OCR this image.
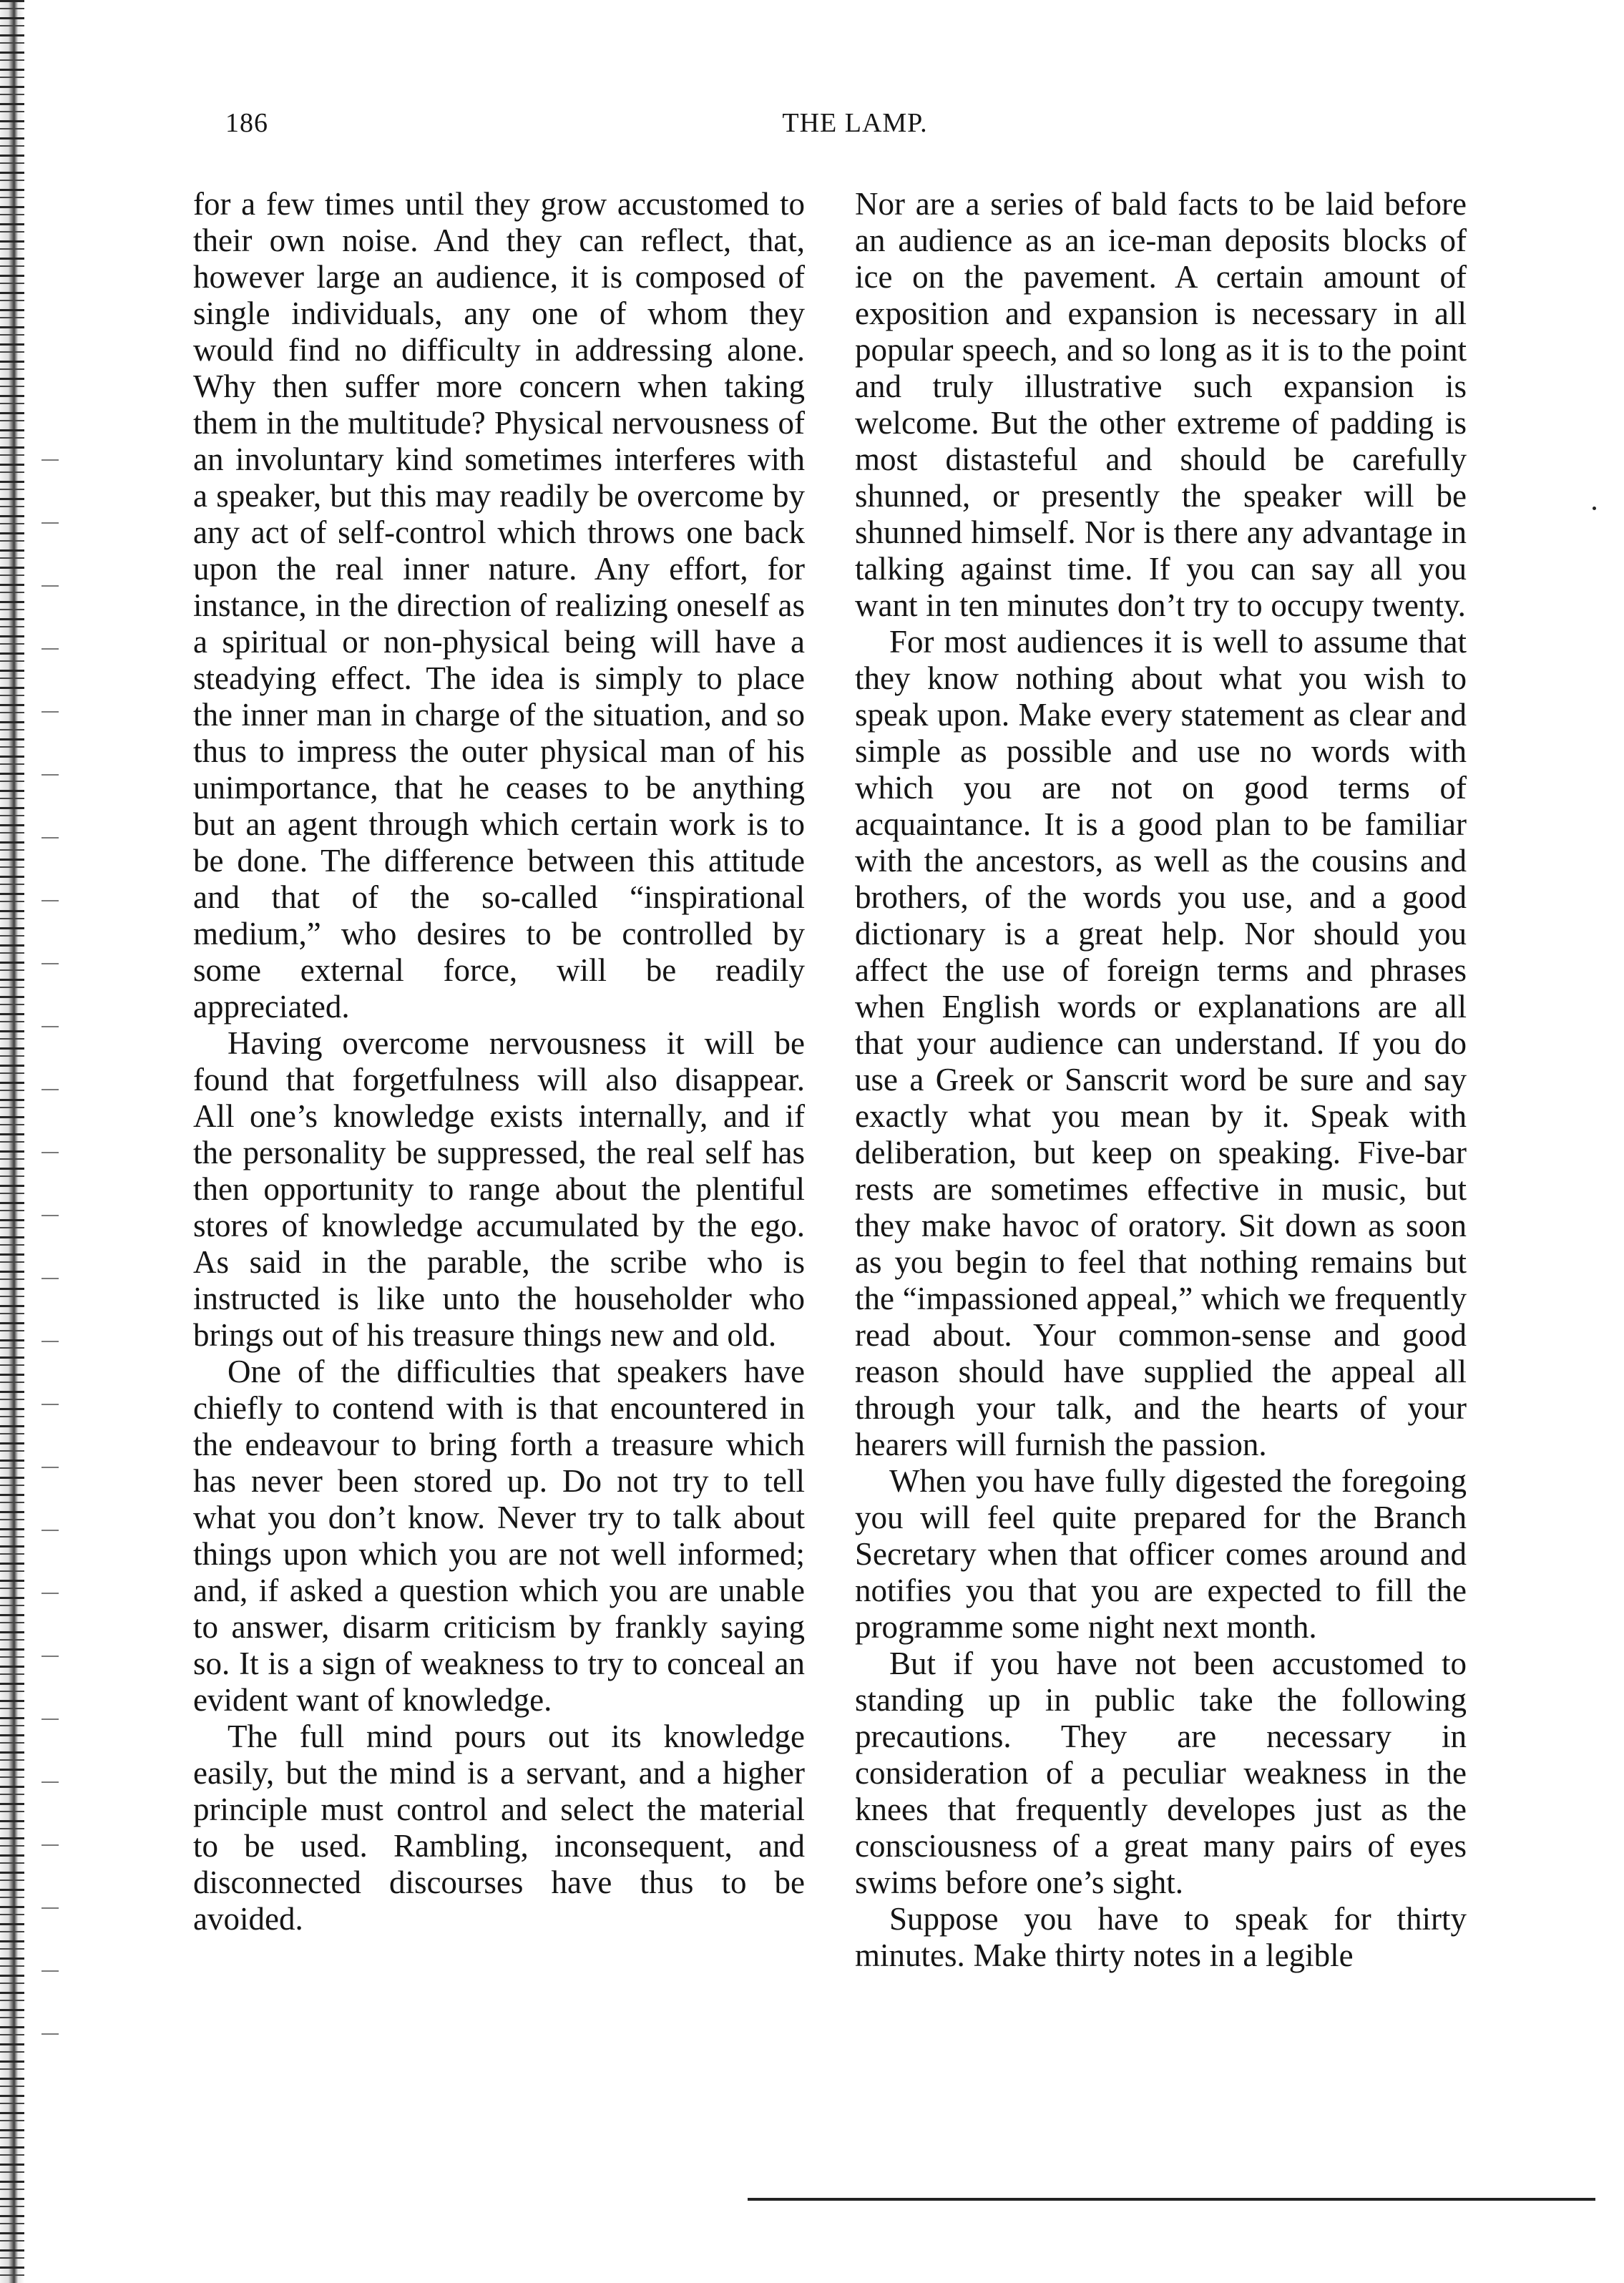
186	THE LAMP.

for a few times until they grow accustomed to their own noise. And they can reflect, that, however large an audience, it is composed of single individuals, any one of whom they would find no difficulty in addressing alone. Why then suffer more concern when taking them in the multitude? Physical nervousness of an involuntary kind sometimes interferes with a speaker, but this may readily be overcome by any act of self-control which throws one back upon the real inner nature. Any effort, for instance, in the direction of realizing oneself as a spiritual or non-physical being will have a steadying effect. The idea is simply to place the inner man in charge of the situation, and so thus to impress the outer physical man of his unimportance, that he ceases to be anything but an agent through which certain work is to be done. The difference between this attitude and that of the so-called “inspirational medium,” who desires to be controlled by some external force, will be readily appreciated.

Having overcome nervousness it will be found that forgetfulness will also disappear. All one’s knowledge exists internally, and if the personality be suppressed, the real self has then opportunity to range about the plentiful stores of knowledge accumulated by the ego. As said in the parable, the scribe who is instructed is like unto the householder who brings out of his treasure things new and old.

One of the difficulties that speakers have chiefly to contend with is that encountered in the endeavour to bring forth a treasure which has never been stored up. Do not try to tell what you don’t know. Never try to talk about things upon which you are not well informed; and, if asked a question which you are unable to answer, disarm criticism by frankly saying so. It is a sign of weakness to try to conceal an evident want of knowledge.

The full mind pours out its knowledge easily, but the mind is a servant, and a higher principle must control and select the material to be used. Rambling, inconsequent, and disconnected discourses have thus to be avoided.

Nor are a series of bald facts to be laid before an audience as an ice-man deposits blocks of ice on the pavement. A certain amount of exposition and expansion is necessary in all popular speech, and so long as it is to the point and truly illustrative such expansion is welcome. But the other extreme of padding is most distasteful and should be carefully shunned, or presently the speaker will be shunned himself. Nor is there any advantage in talking against time. If you can say all you want in ten minutes don’t try to occupy twenty.

For most audiences it is well to assume that they know nothing about what you wish to speak upon. Make every statement as clear and simple as possible and use no words with which you are not on good terms of acquaintance. It is a good plan to be familiar with the ancestors, as well as the cousins and brothers, of the words you use, and a good dictionary is a great help. Nor should you affect the use of foreign terms and phrases when English words or explanations are all that your audience can understand. If you do use a Greek or Sanscrit word be sure and say exactly what you mean by it. Speak with deliberation, but keep on speaking. Five-bar rests are sometimes effective in music, but they make havoc of oratory. Sit down as soon as you begin to feel that nothing remains but the “impassioned appeal,” which we frequently read about. Your common-sense and good reason should have supplied the appeal all through your talk, and the hearts of your hearers will furnish the passion.

When you have fully digested the foregoing you will feel quite prepared for the Branch Secretary when that officer comes around and notifies you that you are expected to fill the programme some night next month.

But if you have not been accustomed to standing up in public take the following precautions. They are necessary in consideration of a peculiar weakness in the knees that frequently developes just as the consciousness of a great many pairs of eyes swims before one’s sight.

Suppose you have to speak for thirty minutes. Make thirty notes in a legible
